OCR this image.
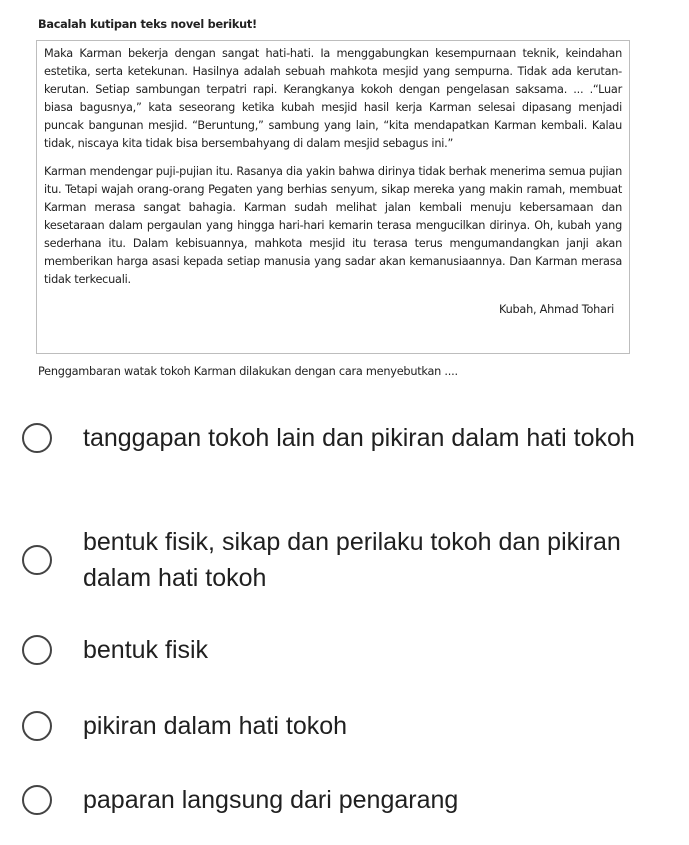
Bacalah kutipan teks novel berikut!

Maka Karman bekerja dengan sangat hati-hati. Ia menggabungkan kesempurnaan teknik, keindahan estetika, serta ketekunan. Hasilnya adalah sebuah mahkota mesjid yang sempurna. Tidak ada kerutan-kerutan. Setiap sambungan terpatri rapi. Kerangkanya kokoh dengan pengelasan saksama. ... .“Luar biasa bagusnya,” kata seseorang ketika kubah mesjid hasil kerja Karman selesai dipasang menjadi puncak bangunan mesjid. “Beruntung,” sambung yang lain, “kita mendapatkan Karman kembali. Kalau tidak, niscaya kita tidak bisa bersembahyang di dalam mesjid sebagus ini.”

Karman mendengar puji-pujian itu. Rasanya dia yakin bahwa dirinya tidak berhak menerima semua pujian itu. Tetapi wajah orang-orang Pegaten yang berhias senyum, sikap mereka yang makin ramah, membuat Karman merasa sangat bahagia. Karman sudah melihat jalan kembali menuju kebersamaan dan kesetaraan dalam pergaulan yang hingga hari-hari kemarin terasa mengucilkan dirinya. Oh, kubah yang sederhana itu. Dalam kebisuannya, mahkota mesjid itu terasa terus mengumandangkan janji akan memberikan harga asasi kepada setiap manusia yang sadar akan kemanusiaannya. Dan Karman merasa tidak terkecuali.

Kubah, Ahmad Tohari
Penggambaran watak tokoh Karman dilakukan dengan cara menyebutkan ....
tanggapan tokoh lain dan pikiran dalam hati tokoh
bentuk fisik, sikap dan perilaku tokoh dan pikiran dalam hati tokoh
bentuk fisik
pikiran dalam hati tokoh
paparan langsung dari pengarang
